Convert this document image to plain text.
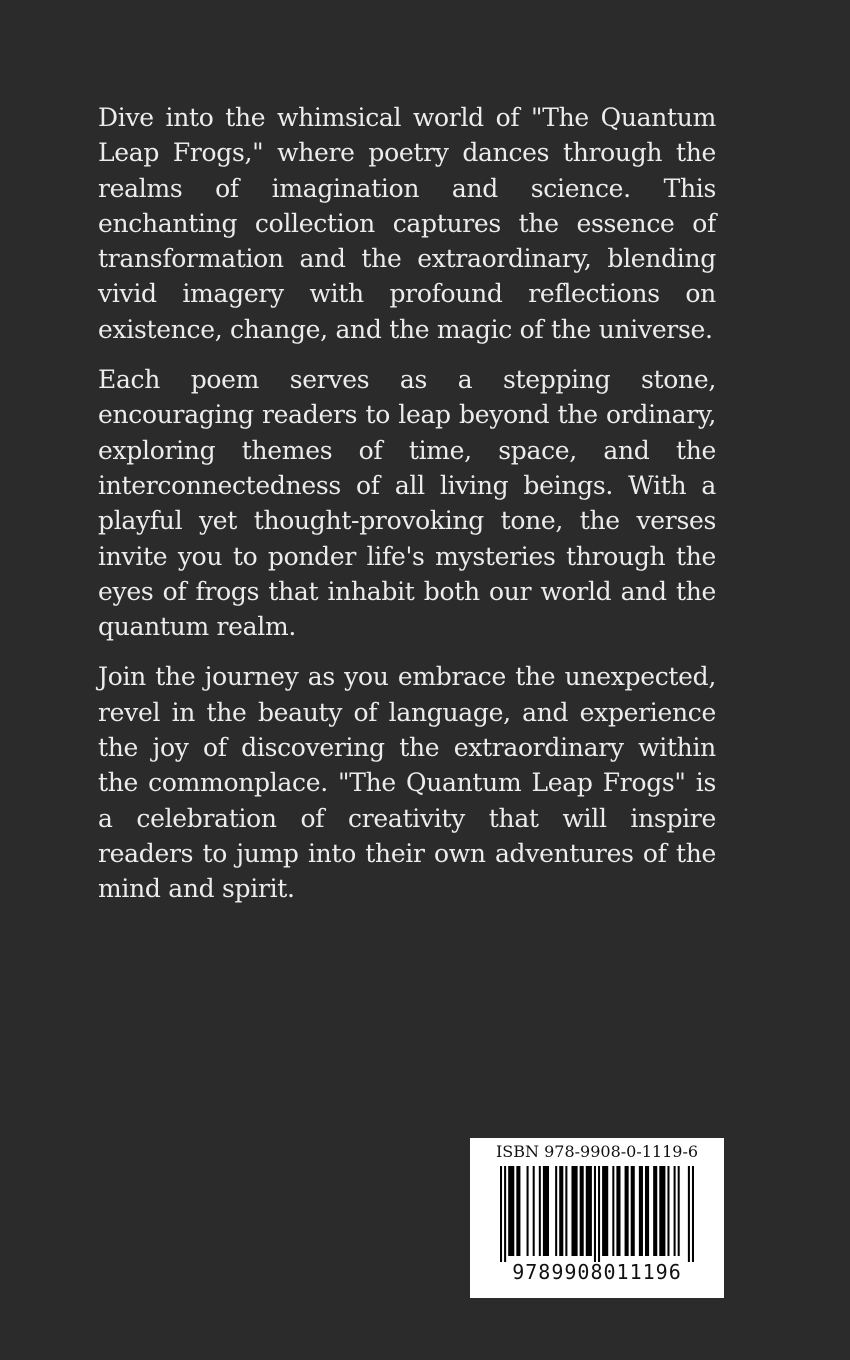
Dive into the whimsical world of "The Quantum Leap Frogs," where poetry dances through the realms of imagination and science. This enchanting collection captures the essence of transformation and the extraordinary, blending vivid imagery with profound reflections on existence, change, and the magic of the universe.

Each poem serves as a stepping stone, encouraging readers to leap beyond the ordinary, exploring themes of time, space, and the interconnectedness of all living beings. With a playful yet thought-provoking tone, the verses invite you to ponder life's mysteries through the eyes of frogs that inhabit both our world and the quantum realm.

Join the journey as you embrace the unexpected, revel in the beauty of language, and experience the joy of discovering the extraordinary within the commonplace. "The Quantum Leap Frogs" is a celebration of creativity that will inspire readers to jump into their own adventures of the mind and spirit.

ISBN 978-9908-0-1119-6
9789908011196
